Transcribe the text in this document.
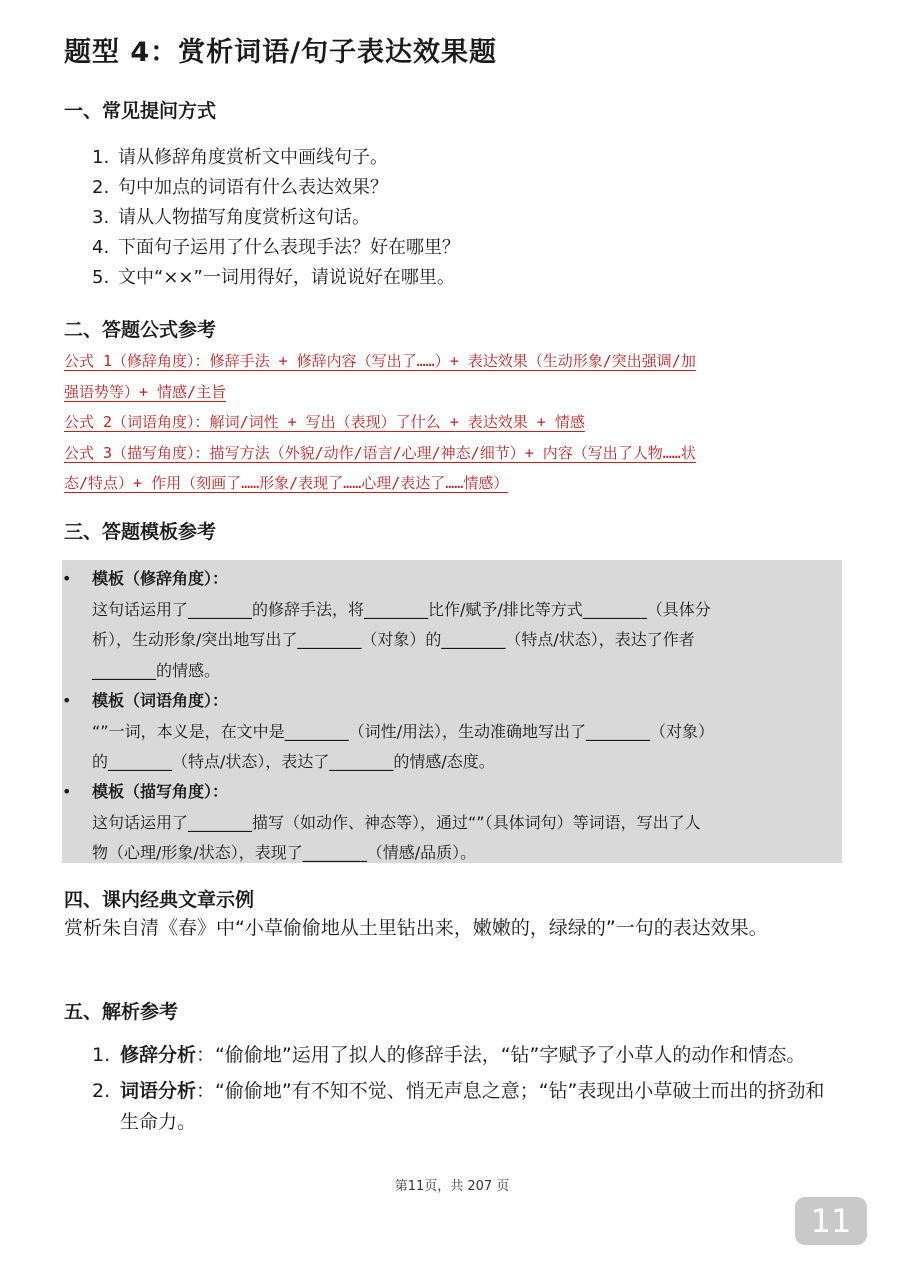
题型 4：赏析词语/句子表达效果题
一、常见提问方式
1. 请从修辞角度赏析文中画线句子。
2. 句中加点的词语有什么表达效果？
3. 请从人物描写角度赏析这句话。
4. 下面句子运用了什么表现手法？好在哪里？
5. 文中“××”一词用得好，请说说好在哪里。
二、答题公式参考
公式 1（修辞角度）：修辞手法 + 修辞内容（写出了……）+ 表达效果（生动形象/突出强调/加
强语势等）+ 情感/主旨
公式 2（词语角度）：解词/词性 + 写出（表现）了什么 + 表达效果 + 情感
公式 3（描写角度）：描写方法（外貌/动作/语言/心理/神态/细节）+ 内容（写出了人物……状
态/特点）+ 作用（刻画了……形象/表现了……心理/表达了……情感）
三、答题模板参考
• 模板（修辞角度）：
这句话运用了________的修辞手法，将________比作/赋予/排比等方式________（具体分
析），生动形象/突出地写出了________（对象）的________（特点/状态），表达了作者
________的情感。
• 模板（词语角度）：
“”一词，本义是，在文中是________（词性/用法），生动准确地写出了________（对象）
的________（特点/状态），表达了________的情感/态度。
• 模板（描写角度）：
这句话运用了________描写（如动作、神态等），通过“”（具体词句）等词语，写出了人
物（心理/形象/状态），表现了________（情感/品质）。
四、课内经典文章示例
赏析朱自清《春》中“小草偷偷地从土里钻出来，嫩嫩的，绿绿的”一句的表达效果。
五、解析参考
1. 修辞分析：“偷偷地”运用了拟人的修辞手法，“钻”字赋予了小草人的动作和情态。
2. 词语分析：“偷偷地”有不知不觉、悄无声息之意；“钻”表现出小草破土而出的挤劲和生命力。
第11页，共 207 页
11
